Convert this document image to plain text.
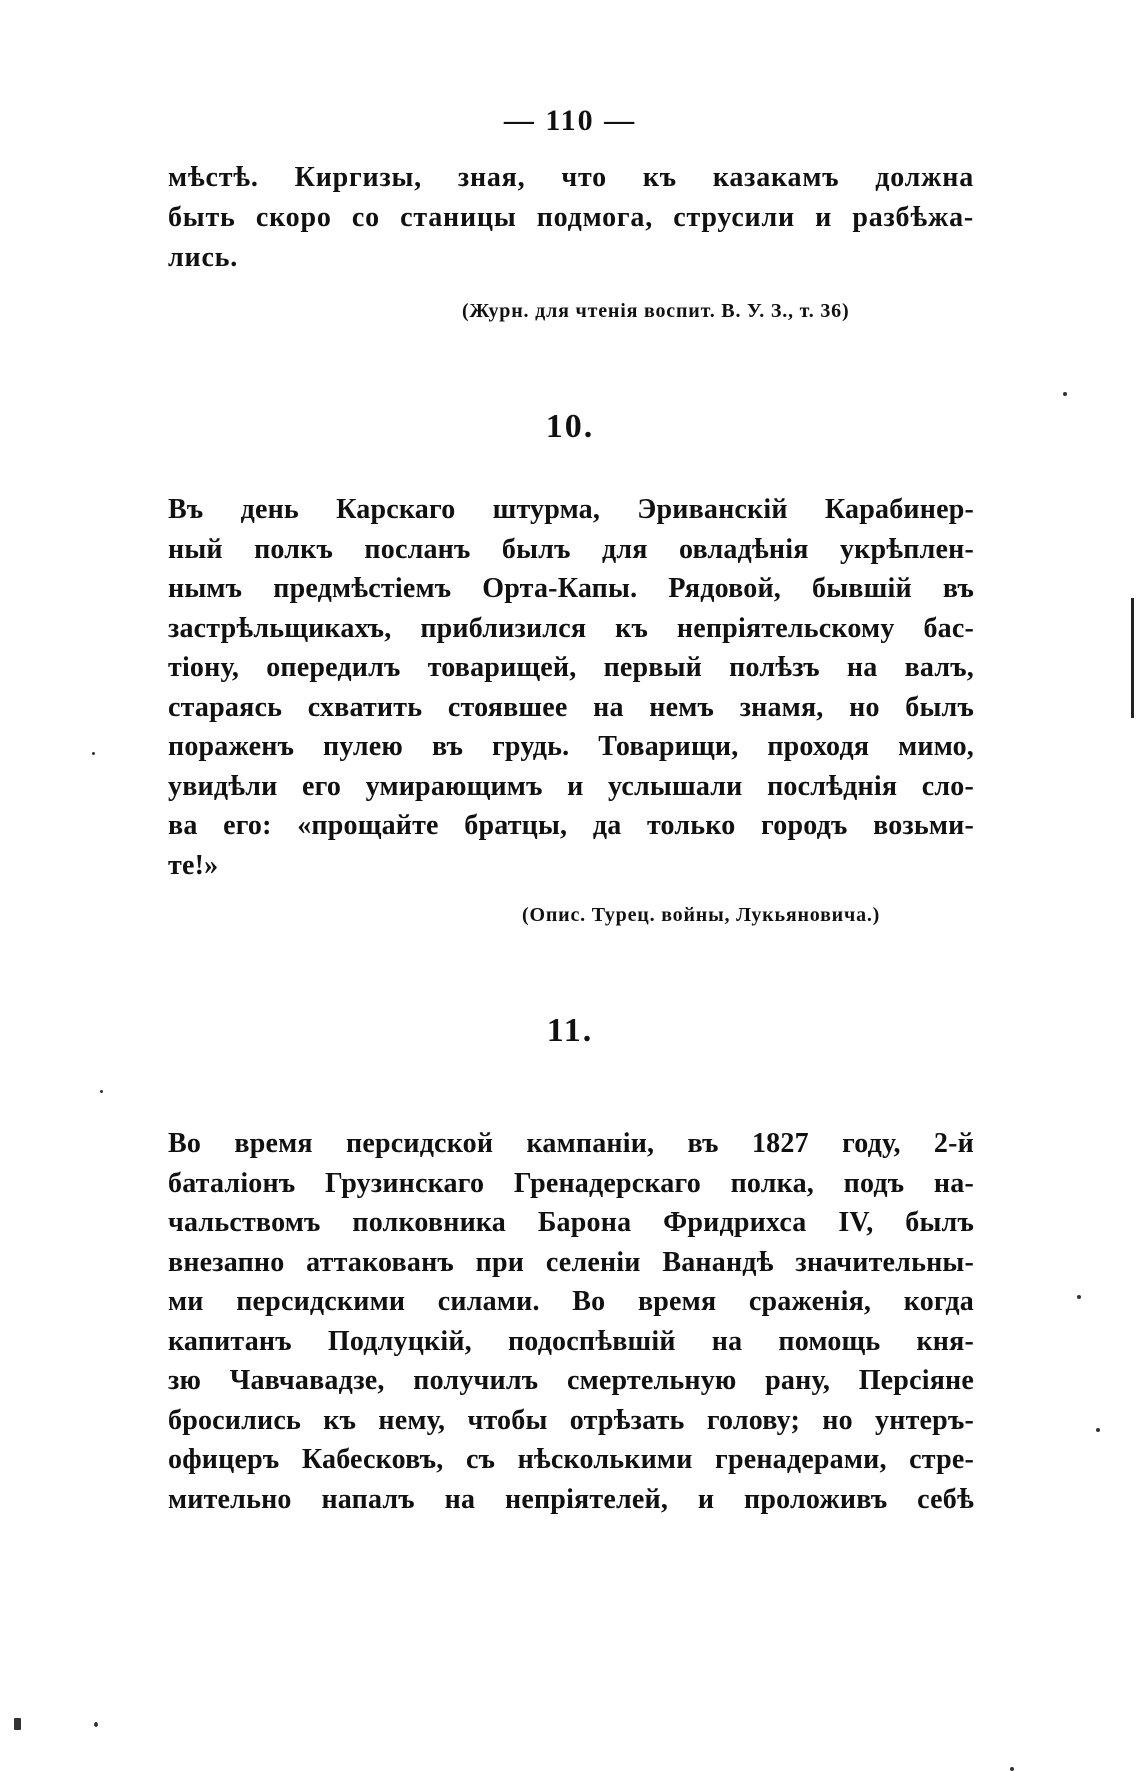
— 110 —

мѣстѣ. Киргизы, зная, что къ казакамъ должна
быть скоро со станицы подмога, струсили и разбѣжа-
лись.

(Журн. для чтенія воспит. В. У. З., т. 36)
10.

Въ день Карскаго штурма, Эриванскій Карабинер-
ный полкъ посланъ былъ для овладѣнія укрѣплен-
нымъ предмѣстіемъ Орта-Капы. Рядовой, бывшій въ
застрѣльщикахъ, приблизился къ непріятельскому бас-
тіону, опередилъ товарищей, первый полѣзъ на валъ,
стараясь схватить стоявшее на немъ знамя, но былъ
пораженъ пулею въ грудь. Товарищи, проходя мимо,
увидѣли его умирающимъ и услышали послѣднія сло-
ва его: «прощайте братцы, да только городъ возьми-
те!»

(Опис. Турец. войны, Лукьяновича.)
11.

Во время персидской кампаніи, въ 1827 году, 2-й
баталіонъ Грузинскаго Гренадерскаго полка, подъ на-
чальствомъ полковника Барона Фридрихса IV, былъ
внезапно аттакованъ при селеніи Ванандѣ значительны-
ми персидскими силами. Во время сраженія, когда
капитанъ Подлуцкій, подоспѣвшій на помощь кня-
зю Чавчавадзе, получилъ смертельную рану, Персіяне
бросились къ нему, чтобы отрѣзать голову; но унтеръ-
офицеръ Кабесковъ, съ нѣсколькими гренадерами, стре-
мительно напалъ на непріятелей, и проложивъ себѣ
